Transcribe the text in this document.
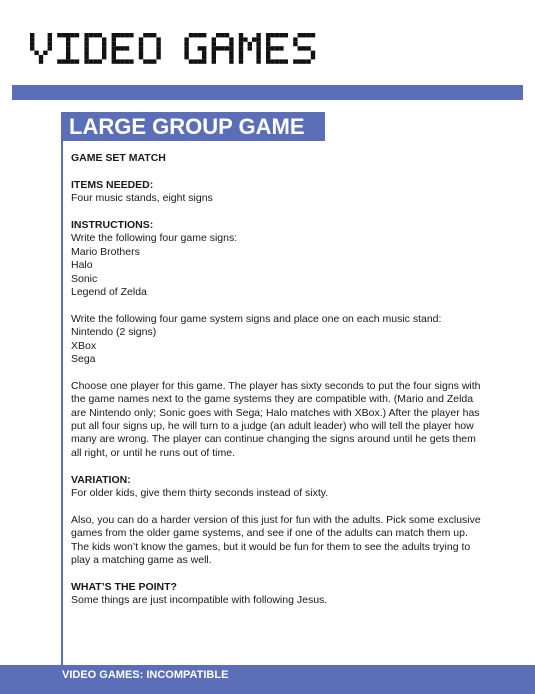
LARGE GROUP GAME

GAME SET MATCH

ITEMS NEEDED:
Four music stands, eight signs

INSTRUCTIONS:
Write the following four game signs:
Mario Brothers
Halo
Sonic
Legend of Zelda

Write the following four game system signs and place one on each music stand:
Nintendo (2 signs)
XBox
Sega

Choose one player for this game. The player has sixty seconds to put the four signs with the game names next to the game systems they are compatible with. (Mario and Zelda are Nintendo only; Sonic goes with Sega; Halo matches with XBox.) After the player has put all four signs up, he will turn to a judge (an adult leader) who will tell the player how many are wrong. The player can continue changing the signs around until he gets them all right, or until he runs out of time.

VARIATION:
For older kids, give them thirty seconds instead of sixty.

Also, you can do a harder version of this just for fun with the adults. Pick some exclusive games from the older game systems, and see if one of the adults can match them up. The kids won’t know the games, but it would be fun for them to see the adults trying to play a matching game as well.

WHAT’S THE POINT?
Some things are just incompatible with following Jesus.

VIDEO GAMES: INCOMPATIBLE
